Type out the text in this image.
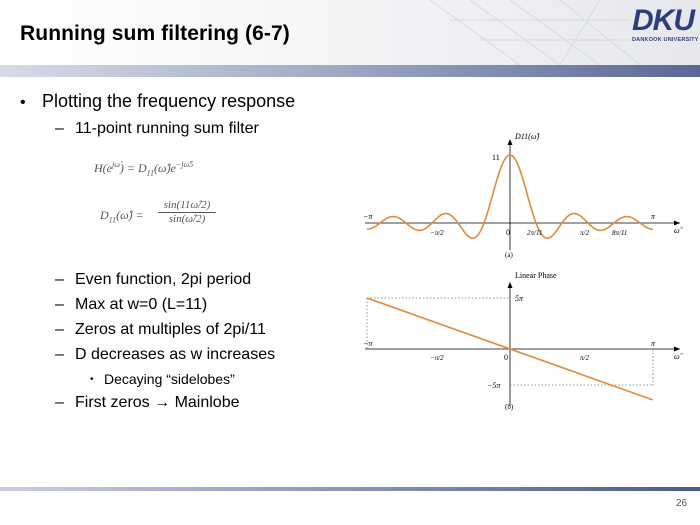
Running sum filtering (6-7)	DKU
DANKOOK UNIVERSITY
• Plotting the frequency response
– 11-point running sum filter
$H(e^{j\omegâ})$ = $D_{11}(\omegâ)e^{-j\omegâ5}$
$D_{11}(\omegâ)$ =
sin(11ω̂/2)
sin(ω̂/2)
– Even function, 2pi period
– Max at w=0 (L=11)
– Zeros at multiples of 2pi/11
– D decreases as w increases
• Decaying “sidelobes”
– First zeros → Mainlobe
D11(ω̂)
11
−π
−π/2	0 2π/11	π/2	8π/11
π
ω̂
(a)
Linear Phase
5π
−5π
−π
−π/2	0	π/2
π
ω̂
(b)
26
